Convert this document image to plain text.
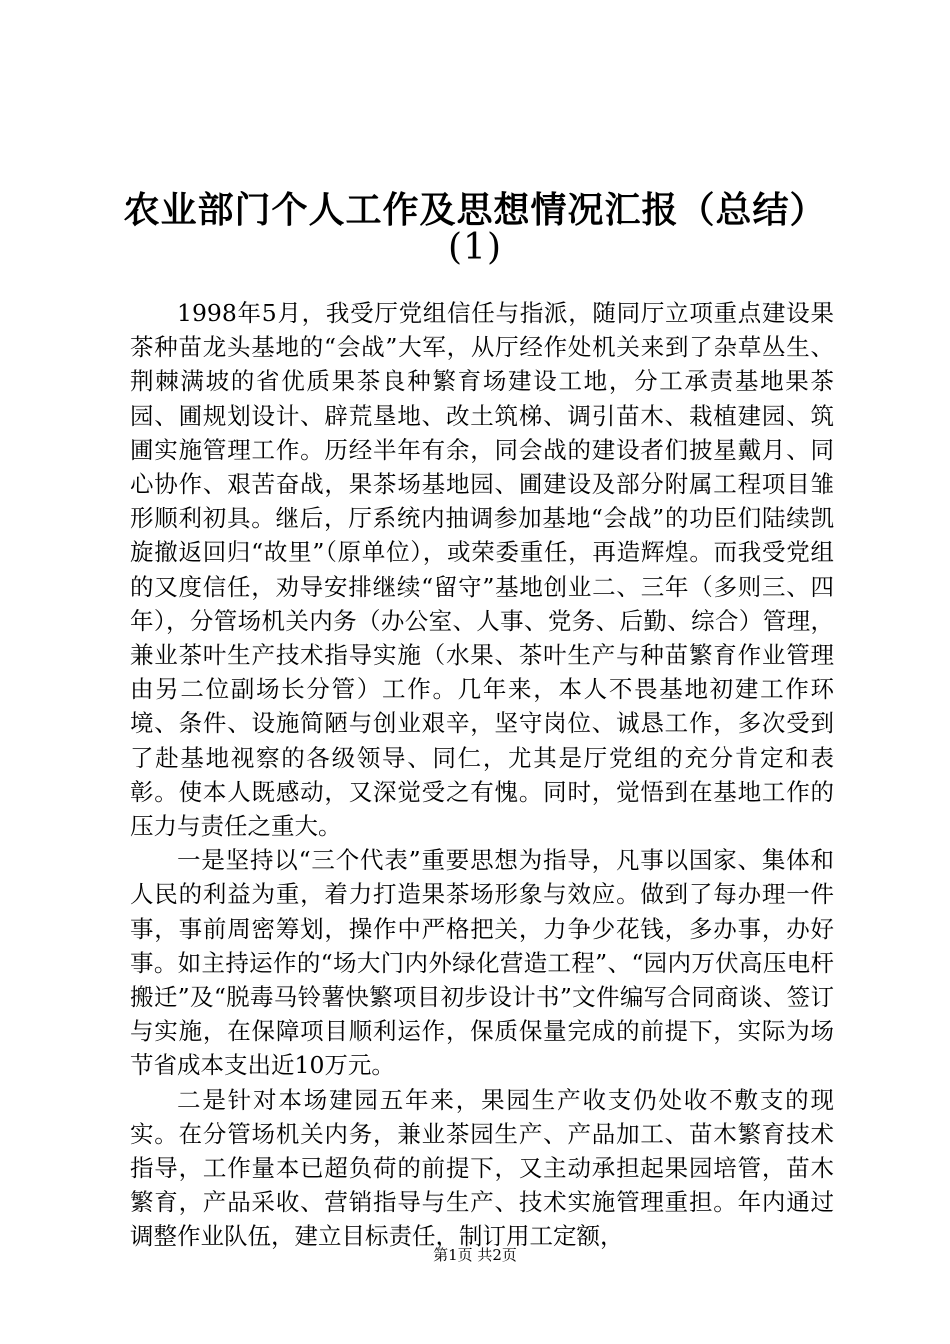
农业部门个人工作及思想情况汇报（总结）
(1)

1998年5月，我受厅党组信任与指派，随同厅立项重点建设果茶种苗龙头基地的“会战”大军，从厅经作处机关来到了杂草丛生、荆棘满坡的省优质果茶良种繁育场建设工地，分工承责基地果茶园、圃规划设计、辟荒垦地、改土筑梯、调引苗木、栽植建园、筑圃实施管理工作。历经半年有余，同会战的建设者们披星戴月、同心协作、艰苦奋战，果茶场基地园、圃建设及部分附属工程项目雏形顺利初具。继后，厅系统内抽调参加基地“会战”的功臣们陆续凯旋撤返回归“故里”（原单位），或荣委重任，再造辉煌。而我受党组的又度信任，劝导安排继续“留守”基地创业二、三年（多则三、四年），分管场机关内务（办公室、人事、党务、后勤、综合）管理，兼业茶叶生产技术指导实施（水果、茶叶生产与种苗繁育作业管理由另二位副场长分管）工作。几年来，本人不畏基地初建工作环境、条件、设施简陋与创业艰辛，坚守岗位、诚恳工作，多次受到了赴基地视察的各级领导、同仁，尤其是厅党组的充分肯定和表彰。使本人既感动，又深觉受之有愧。同时，觉悟到在基地工作的压力与责任之重大。

一是坚持以“三个代表”重要思想为指导，凡事以国家、集体和人民的利益为重，着力打造果茶场形象与效应。做到了每办理一件事，事前周密筹划，操作中严格把关，力争少花钱，多办事，办好事。如主持运作的“场大门内外绿化营造工程”、“园内万伏高压电杆搬迁”及“脱毒马铃薯快繁项目初步设计书”文件编写合同商谈、签订与实施，在保障项目顺利运作，保质保量完成的前提下，实际为场节省成本支出近10万元。

二是针对本场建园五年来，果园生产收支仍处收不敷支的现实。在分管场机关内务，兼业茶园生产、产品加工、苗木繁育技术指导，工作量本已超负荷的前提下，又主动承担起果园培管，苗木繁育，产品采收、营销指导与生产、技术实施管理重担。年内通过调整作业队伍，建立目标责任，制订用工定额，

第1页 共2页
